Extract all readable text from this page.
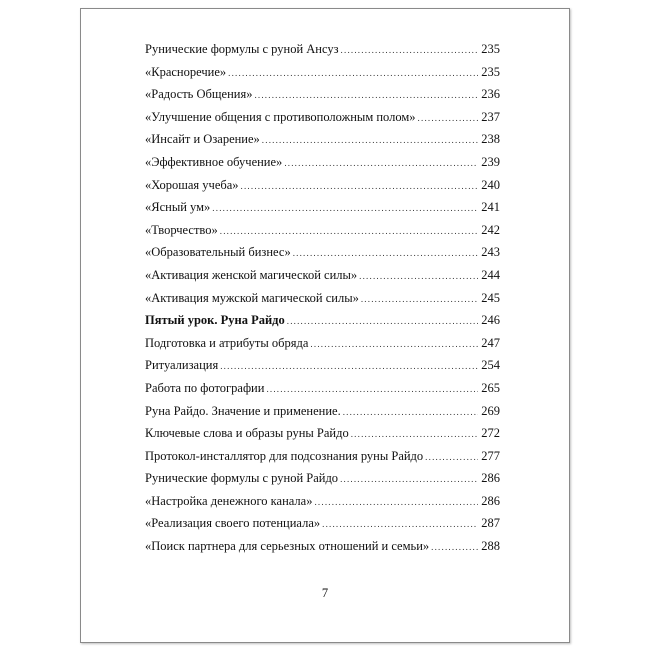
Рунические формулы с руной Ансуз .....	235
«Красноречие» .....	235
«Радость Общения» .....	236
«Улучшение общения с противоположным полом» .....	237
«Инсайт и Озарение» .....	238
«Эффективное обучение» .....	239
«Хорошая учеба» .....	240
«Ясный ум» .....	241
«Творчество» .....	242
«Образовательный бизнес» .....	243
«Активация женской магической силы» .....	244
«Активация мужской магической силы» .....	245
Пятый урок. Руна Райдо .....	246
Подготовка и атрибуты обряда .....	247
Ритуализация .....	254
Работа по фотографии .....	265
Руна Райдо. Значение и применение. .....	269
Ключевые слова и образы руны Райдо .....	272
Протокол-инсталлятор для подсознания руны Райдо .....	277
Рунические формулы с руной Райдо .....	286
«Настройка денежного канала» .....	286
«Реализация своего потенциала» .....	287
«Поиск партнера для серьезных отношений и семьи» .....	288
7
